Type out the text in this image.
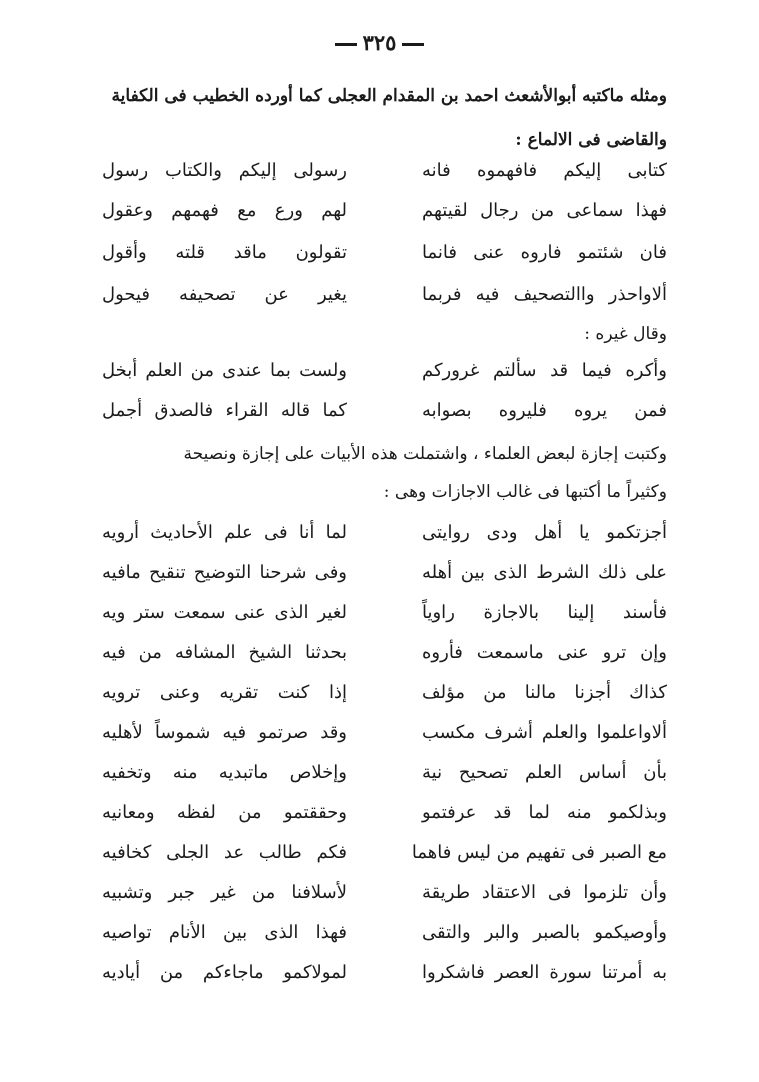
٣٢٥
ومثله ماكتبه أبوالأشعث احمد بن المقدام العجلى كما أورده الخطيب فى الكفاية
والقاضى فى الالماع :
كتابى إليكم فافهموه فانه
رسولى إليكم والكتاب رسول
فهذا سماعى من رجال لقيتهم
لهم ورع مع فهمهم وعقول
فان شئتمو فاروه عنى فانما
تقولون ماقد قلته وأقول
ألاواحذر واالتصحيف فيه فربما
يغير عن تصحيفه فيحول
وقال غيره :
وأكره فيما قد سألتم غروركم
ولست بما عندى من العلم أبخل
فمن يروه فليروه بصوابه
كما قاله القراء فالصدق أجمل
وكتبت إجازة لبعض العلماء ، واشتملت هذه الأبيات على إجازة ونصيحة
وكثيراً ما أكتبها فى غالب الاجازات وهى :
أجزتكمو يا أهل ودى روايتى
لما أنا فى علم الأحاديث أرويه
على ذلك الشرط الذى بين أهله
وفى شرحنا التوضيح تنقيح مافيه
فأسند إلينا بالاجازة راوياً
لغير الذى عنى سمعت ستر ويه
وإن ترو عنى ماسمعت فأروه
بحدثنا الشيخ المشافه من فيه
كذاك أجزنا مالنا من مؤلف
إذا كنت تقريه وعنى ترويه
ألاواعلموا والعلم أشرف مكسب
وقد صرتمو فيه شموساً لأهليه
بأن أساس العلم تصحيح نية
وإخلاص ماتبديه منه وتخفيه
وبذلكمو منه لما قد عرفتمو
وحققتمو من لفظه ومعانيه
مع الصبر فى تفهيم من ليس فاهما
فكم طالب عد الجلى كخافيه
وأن تلزموا فى الاعتقاد طريقة
لأسلافنا من غير جبر وتشبيه
وأوصيكمو بالصبر والبر والتقى
فهذا الذى بين الأنام تواصيه
به أمرتنا سورة العصر فاشكروا
لمولاكمو ماجاءكم من أياديه
